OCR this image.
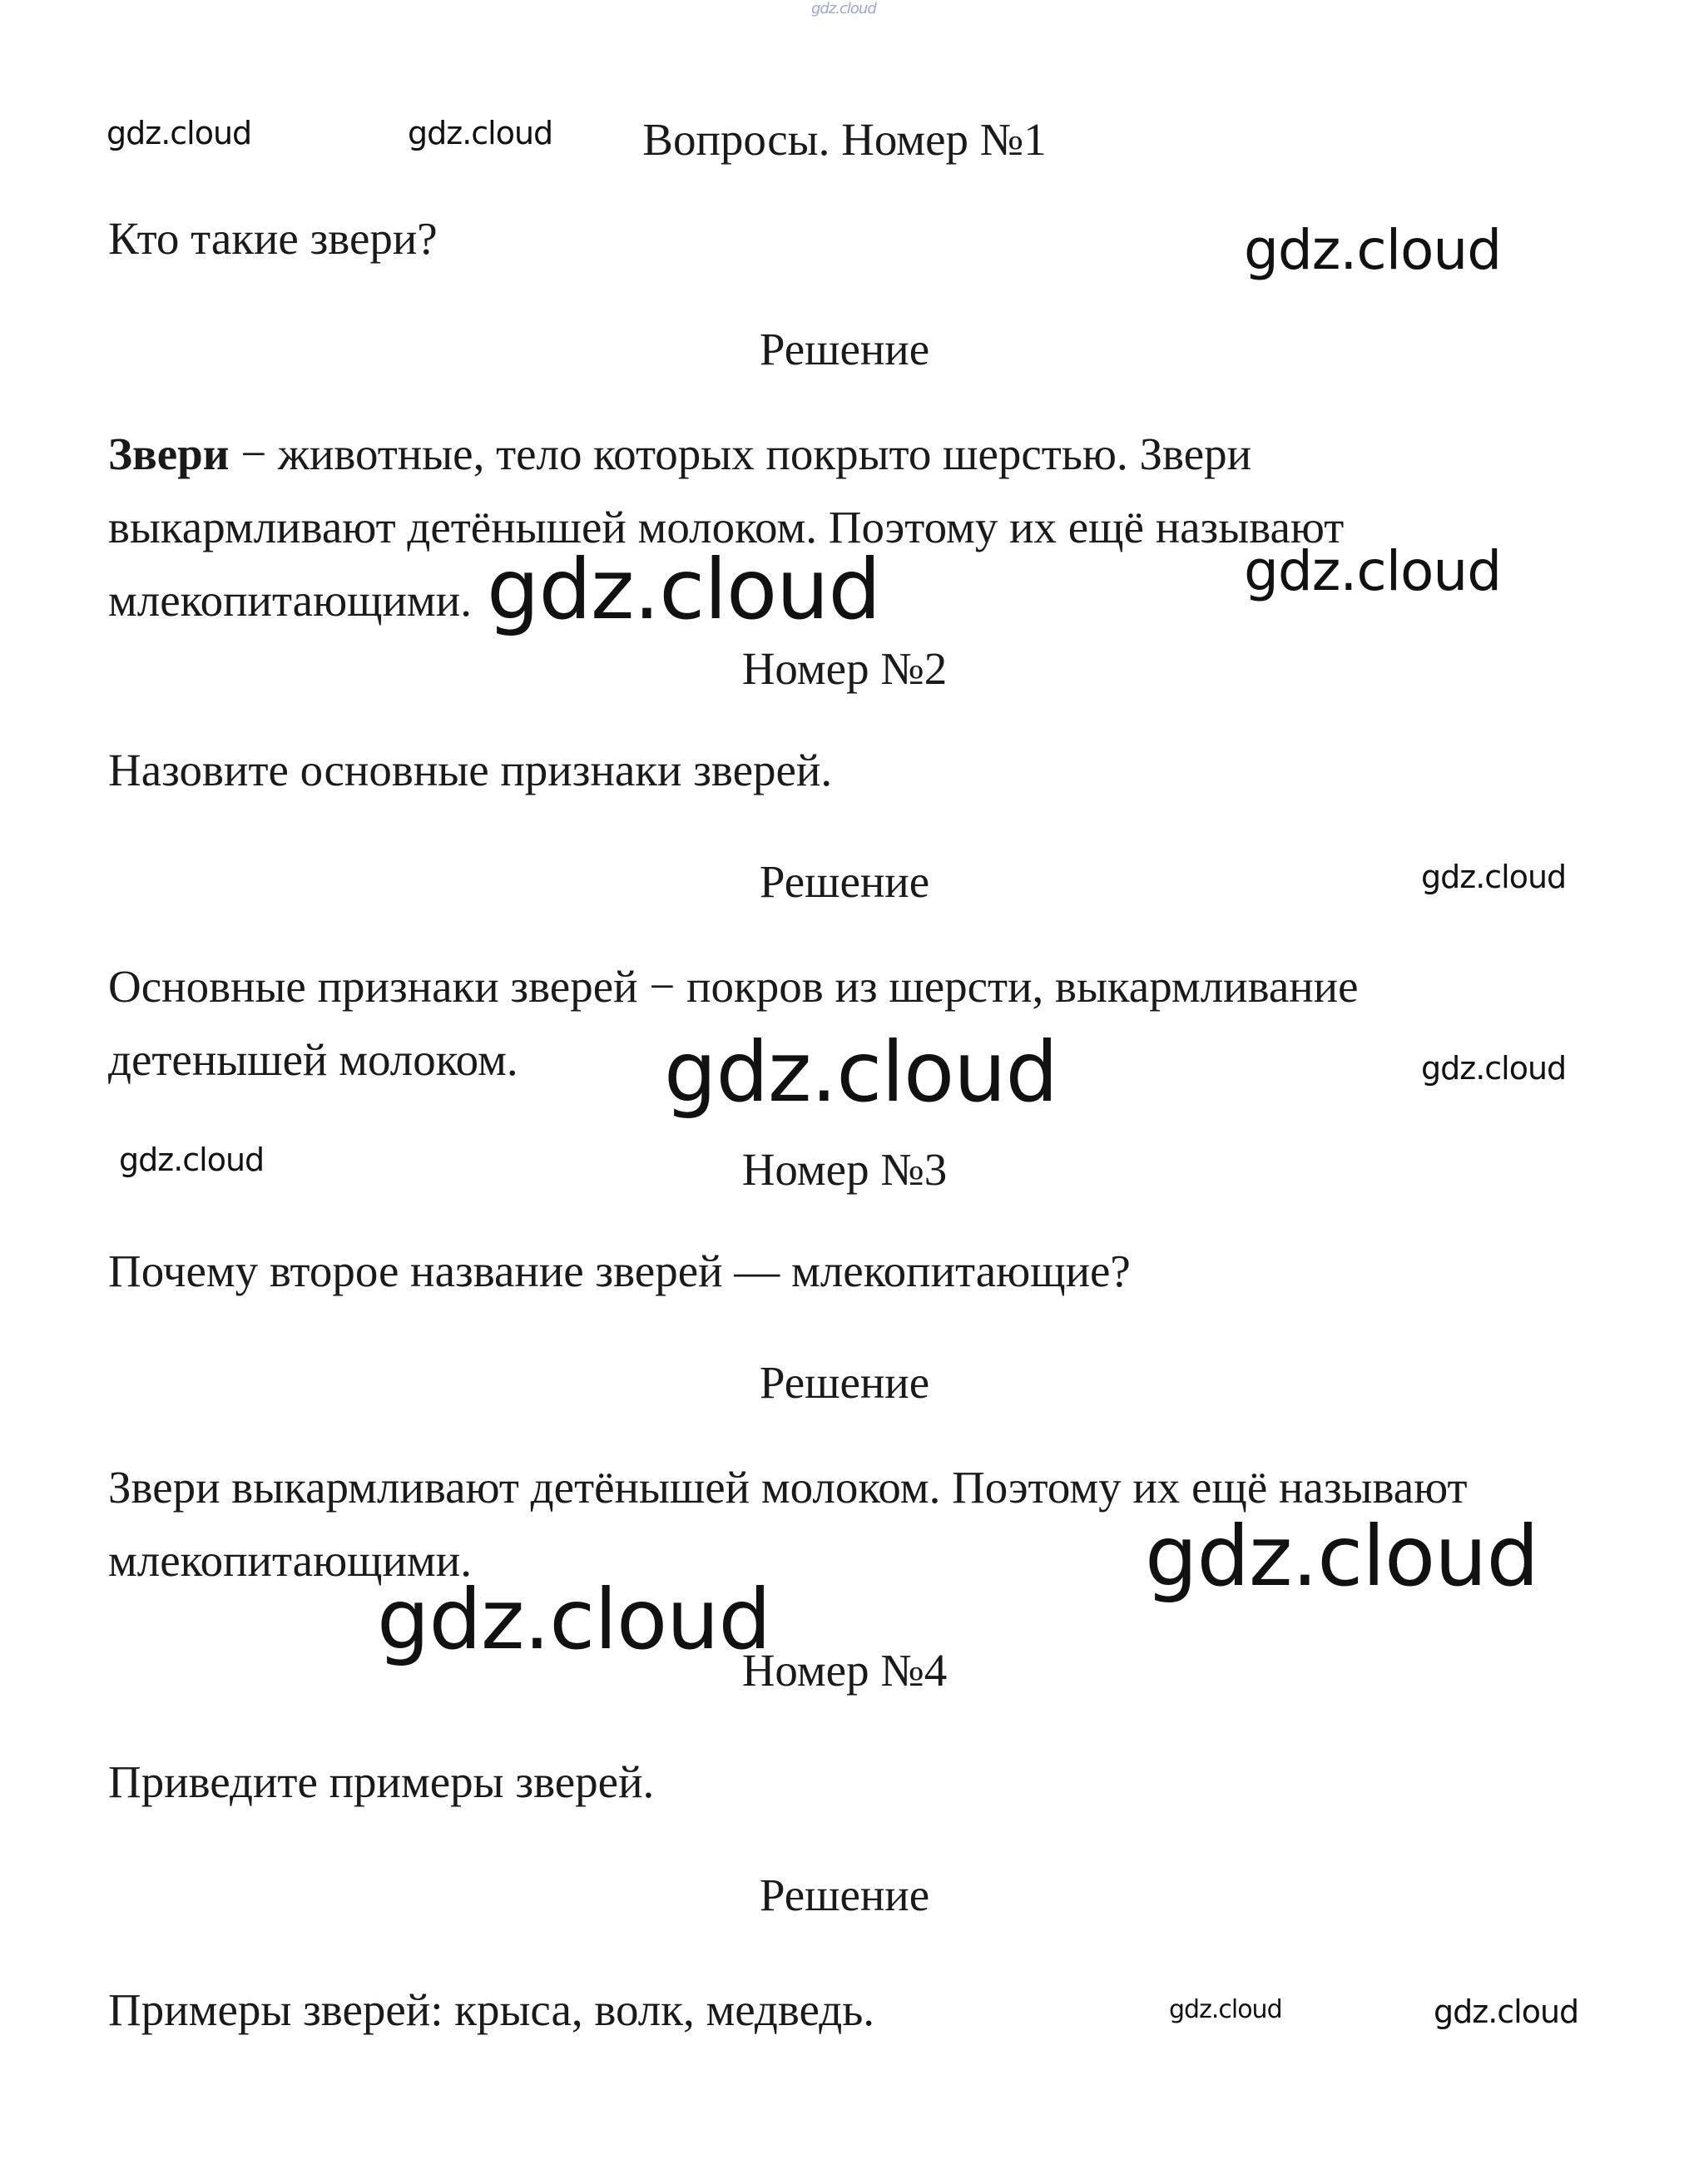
gdz.cloud
gdz.cloud	gdz.cloud
gdz.cloud
gdz.cloud
gdz.cloud
gdz.cloud
gdz.cloud	gdz.cloud
gdz.cloud
gdz.cloud
gdz.cloud
gdz.cloud	gdz.cloud
Вопросы. Номер №1
Кто такие звери?
Решение
Звери − животные, тело которых покрыто шерстью. Звери
выкармливают детёнышей молоком. Поэтому их ещё называют
млекопитающими.
Номер №2
Назовите основные признаки зверей.
Решение
Основные признаки зверей − покров из шерсти, выкармливание
детенышей молоком.
Номер №3
Почему второе название зверей — млекопитающие?
Решение
Звери выкармливают детёнышей молоком. Поэтому их ещё называют
млекопитающими.
Номер №4
Приведите примеры зверей.
Решение
Примеры зверей: крыса, волк, медведь.
